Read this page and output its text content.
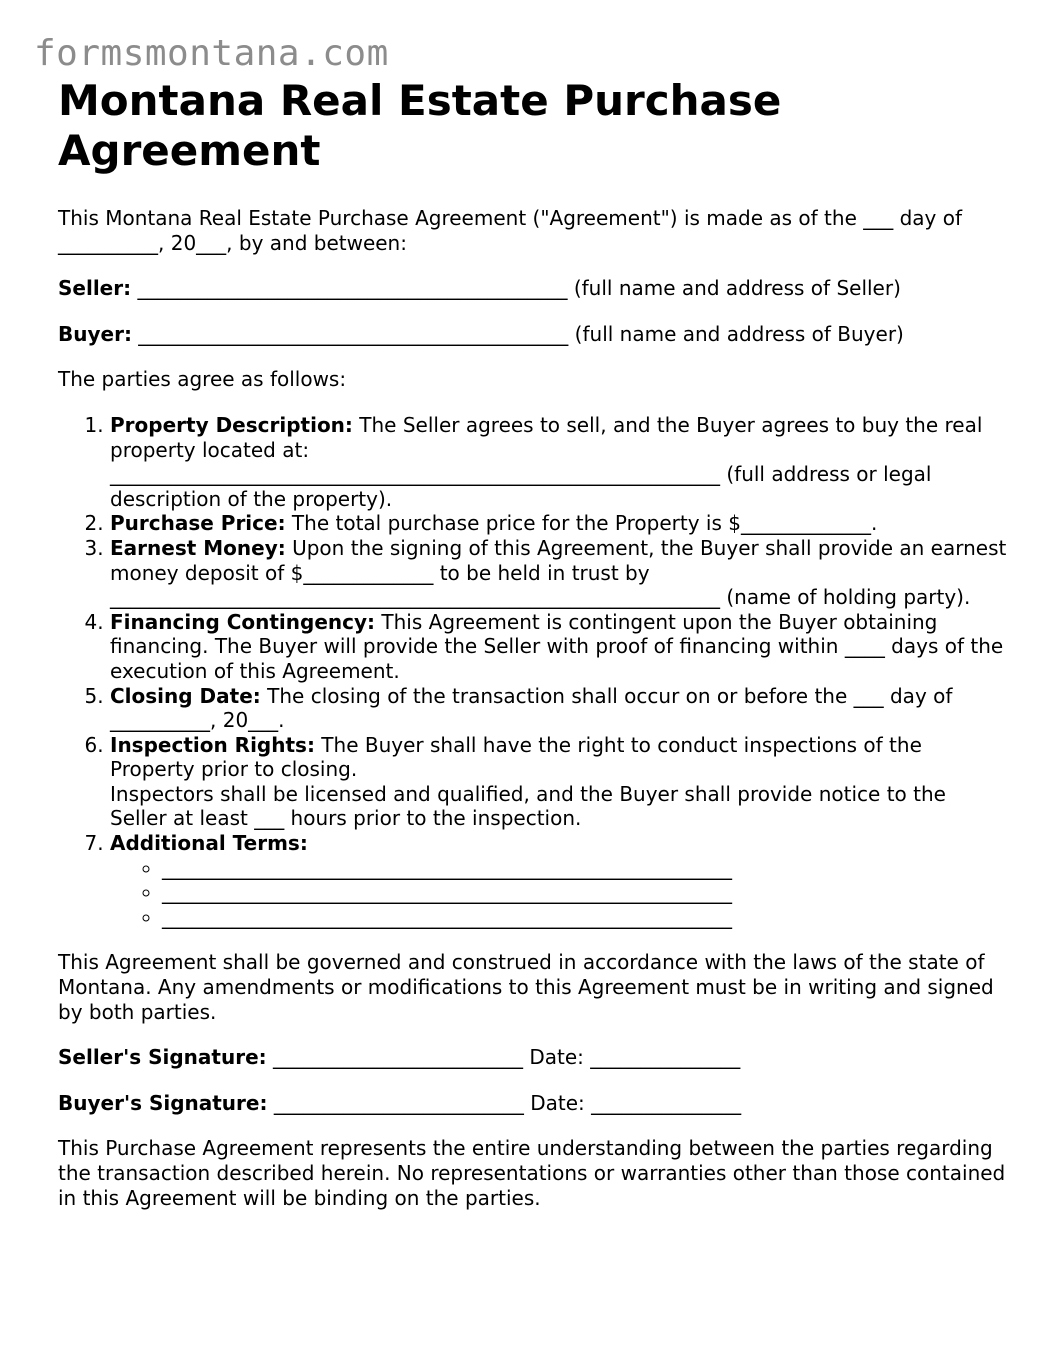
formsmontana.com
Montana Real Estate Purchase Agreement

This Montana Real Estate Purchase Agreement ("Agreement") is made as of the ___ day of __________, 20___, by and between:

Seller: ___________________________________________ (full name and address of Seller)

Buyer: ___________________________________________ (full name and address of Buyer)

The parties agree as follows:

1. Property Description: The Seller agrees to sell, and the Buyer agrees to buy the real property located at:
_____________________________________________________________ (full address or legal description of the property).
2. Purchase Price: The total purchase price for the Property is $_____________.
3. Earnest Money: Upon the signing of this Agreement, the Buyer shall provide an earnest money deposit of $_____________ to be held in trust by _____________________________________________________________ (name of holding party).
4. Financing Contingency: This Agreement is contingent upon the Buyer obtaining financing. The Buyer will provide the Seller with proof of financing within ____ days of the execution of this Agreement.
5. Closing Date: The closing of the transaction shall occur on or before the ___ day of __________, 20___.
6. Inspection Rights: The Buyer shall have the right to conduct inspections of the Property prior to closing.
Inspectors shall be licensed and qualified, and the Buyer shall provide notice to the Seller at least ___ hours prior to the inspection.
7. Additional Terms:
◦ _________________________________________________________
◦ _________________________________________________________
◦ _________________________________________________________

This Agreement shall be governed and construed in accordance with the laws of the state of Montana. Any amendments or modifications to this Agreement must be in writing and signed by both parties.

Seller's Signature: _________________________ Date: _______________

Buyer's Signature: _________________________ Date: _______________

This Purchase Agreement represents the entire understanding between the parties regarding the transaction described herein. No representations or warranties other than those contained in this Agreement will be binding on the parties.
